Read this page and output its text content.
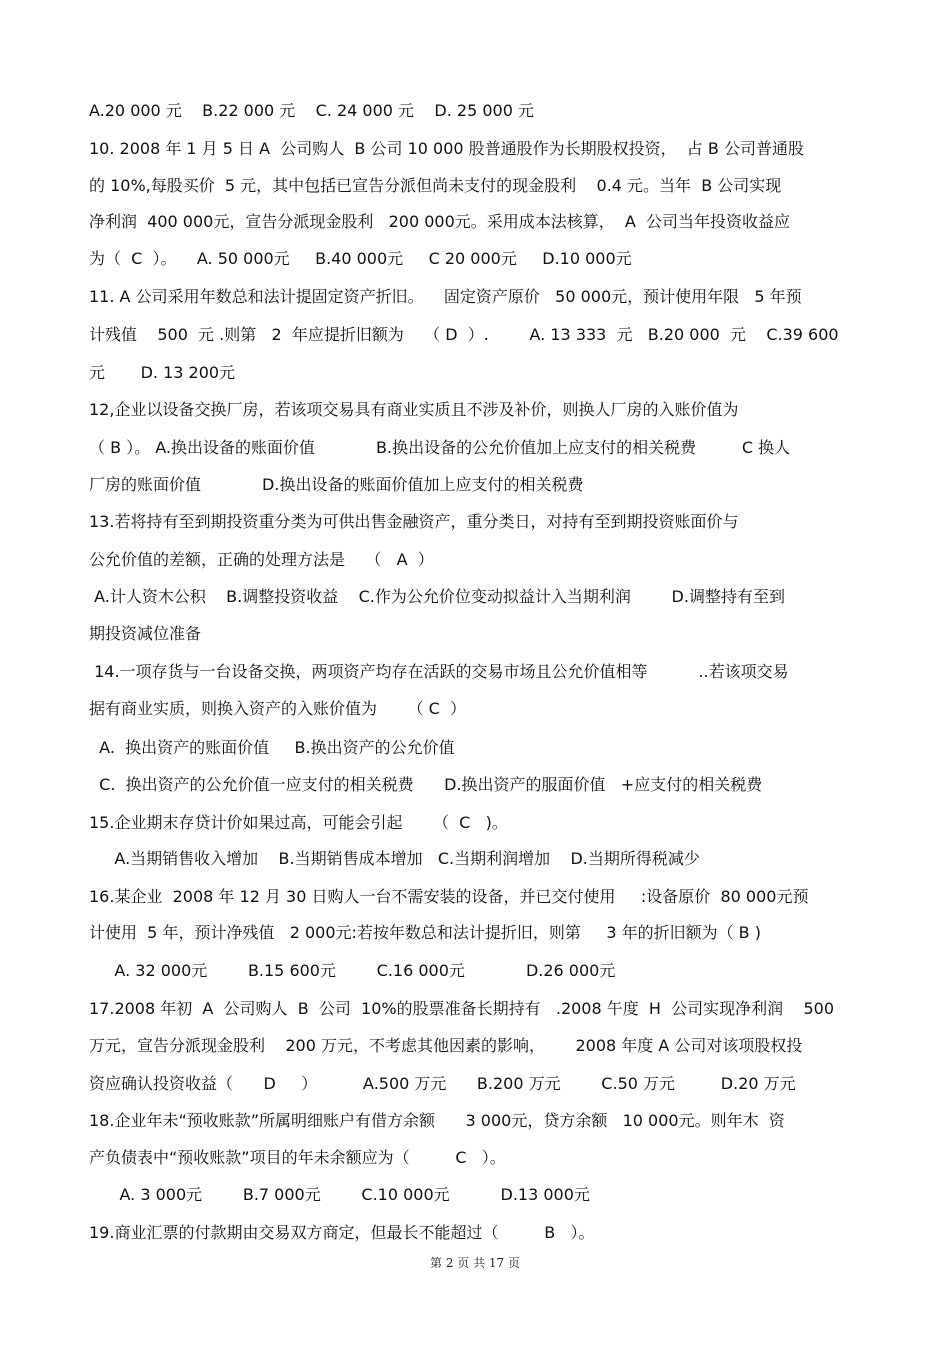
A.20 000 元    B.22 000 元    C. 24 000 元    D. 25 000 元
10. 2008 年 1 月 5 日 A  公司购人  B 公司 10 000 股普通股作为长期股权投资，  占 B 公司普通股
的 10%,每股买价  5 元，其中包括已宣告分派但尚未支付的现金股利    0.4 元。当年  B 公司实现
净利润  400 000元，宣告分派现金股利   200 000元。采用成本法核算，  A  公司当年投资收益应
为（  C  ）。    A. 50 000元     B.40 000元     C 20 000元     D.10 000元
11. A 公司采用年数总和法计提固定资产折旧。    固定资产原价   50 000元，预计使用年限   5 年预
计残值    500  元 .则第   2  年应提折旧额为    （ D  ）.        A. 13 333  元   B.20 000  元    C.39 600
元       D. 13 200元
12,企业以设备交换厂房，若该项交易具有商业实质且不涉及补价，则换人厂房的入账价值为
（ B ）。 A.换出设备的账面价值            B.换出设备的公允价值加上应支付的相关税费         C 换人
厂房的账面价值            D.换出设备的账面价值加上应支付的相关税费
13.若将持有至到期投资重分类为可供出售金融资产，重分类日，对持有至到期投资账面价与
公允价值的差额，正确的处理方法是    （   A  ）
A.计人资木公积    B.调整投资收益    C.作为公允价位变动拟益计入当期利润        D.调整持有至到
期投资减位准备
14.一项存货与一台设备交换，两项资产均存在活跃的交易市场且公允价值相等          ..若该项交易
据有商业实质，则换入资产的入账价值为      （ C  ）
A.  换出资产的账面价值     B.换出资产的公允价值
C.  换出资产的公允价值一应支付的相关税费      D.换出资产的服面价值   +应支付的相关税费
15.企业期末存贷计价如果过高，可能会引起      （  C   )。
A.当期销售收入增加    B.当期销售成本增加   C.当期利润增加    D.当期所得税减少
16.某企业  2008 年 12 月 30 日购人一台不需安装的设备，并已交付使用     :设备原价  80 000元预
计使用  5 年，预计净残值   2 000元:若按年数总和法计提折旧，则第     3 年的折旧额为（ B )
A. 32 000元        B.15 600元        C.16 000元            D.26 000元
17.2008 年初  A  公司购人  B  公司  10%的股票准备长期持有   .2008 午度  H  公司实现净利润    500
万元，宣告分派现金股利    200 万元，不考虑其他因素的影响，      2008 年度 A 公司对该项股权投
资应确认投资收益（      D     ）         A.500 万元      B.200 万元        C.50 万元         D.20 万元
18.企业年未“预收账款”所属明细账户有借方余额      3 000元，贷方余额   10 000元。则年木  资
产负债表中“预收账款”项目的年未余额应为（         C   ）。
A. 3 000元        B.7 000元        C.10 000元          D.13 000元
19.商业汇票的付款期由交易双方商定，但最长不能超过（         B   ）。
第 2 页 共 17 页
